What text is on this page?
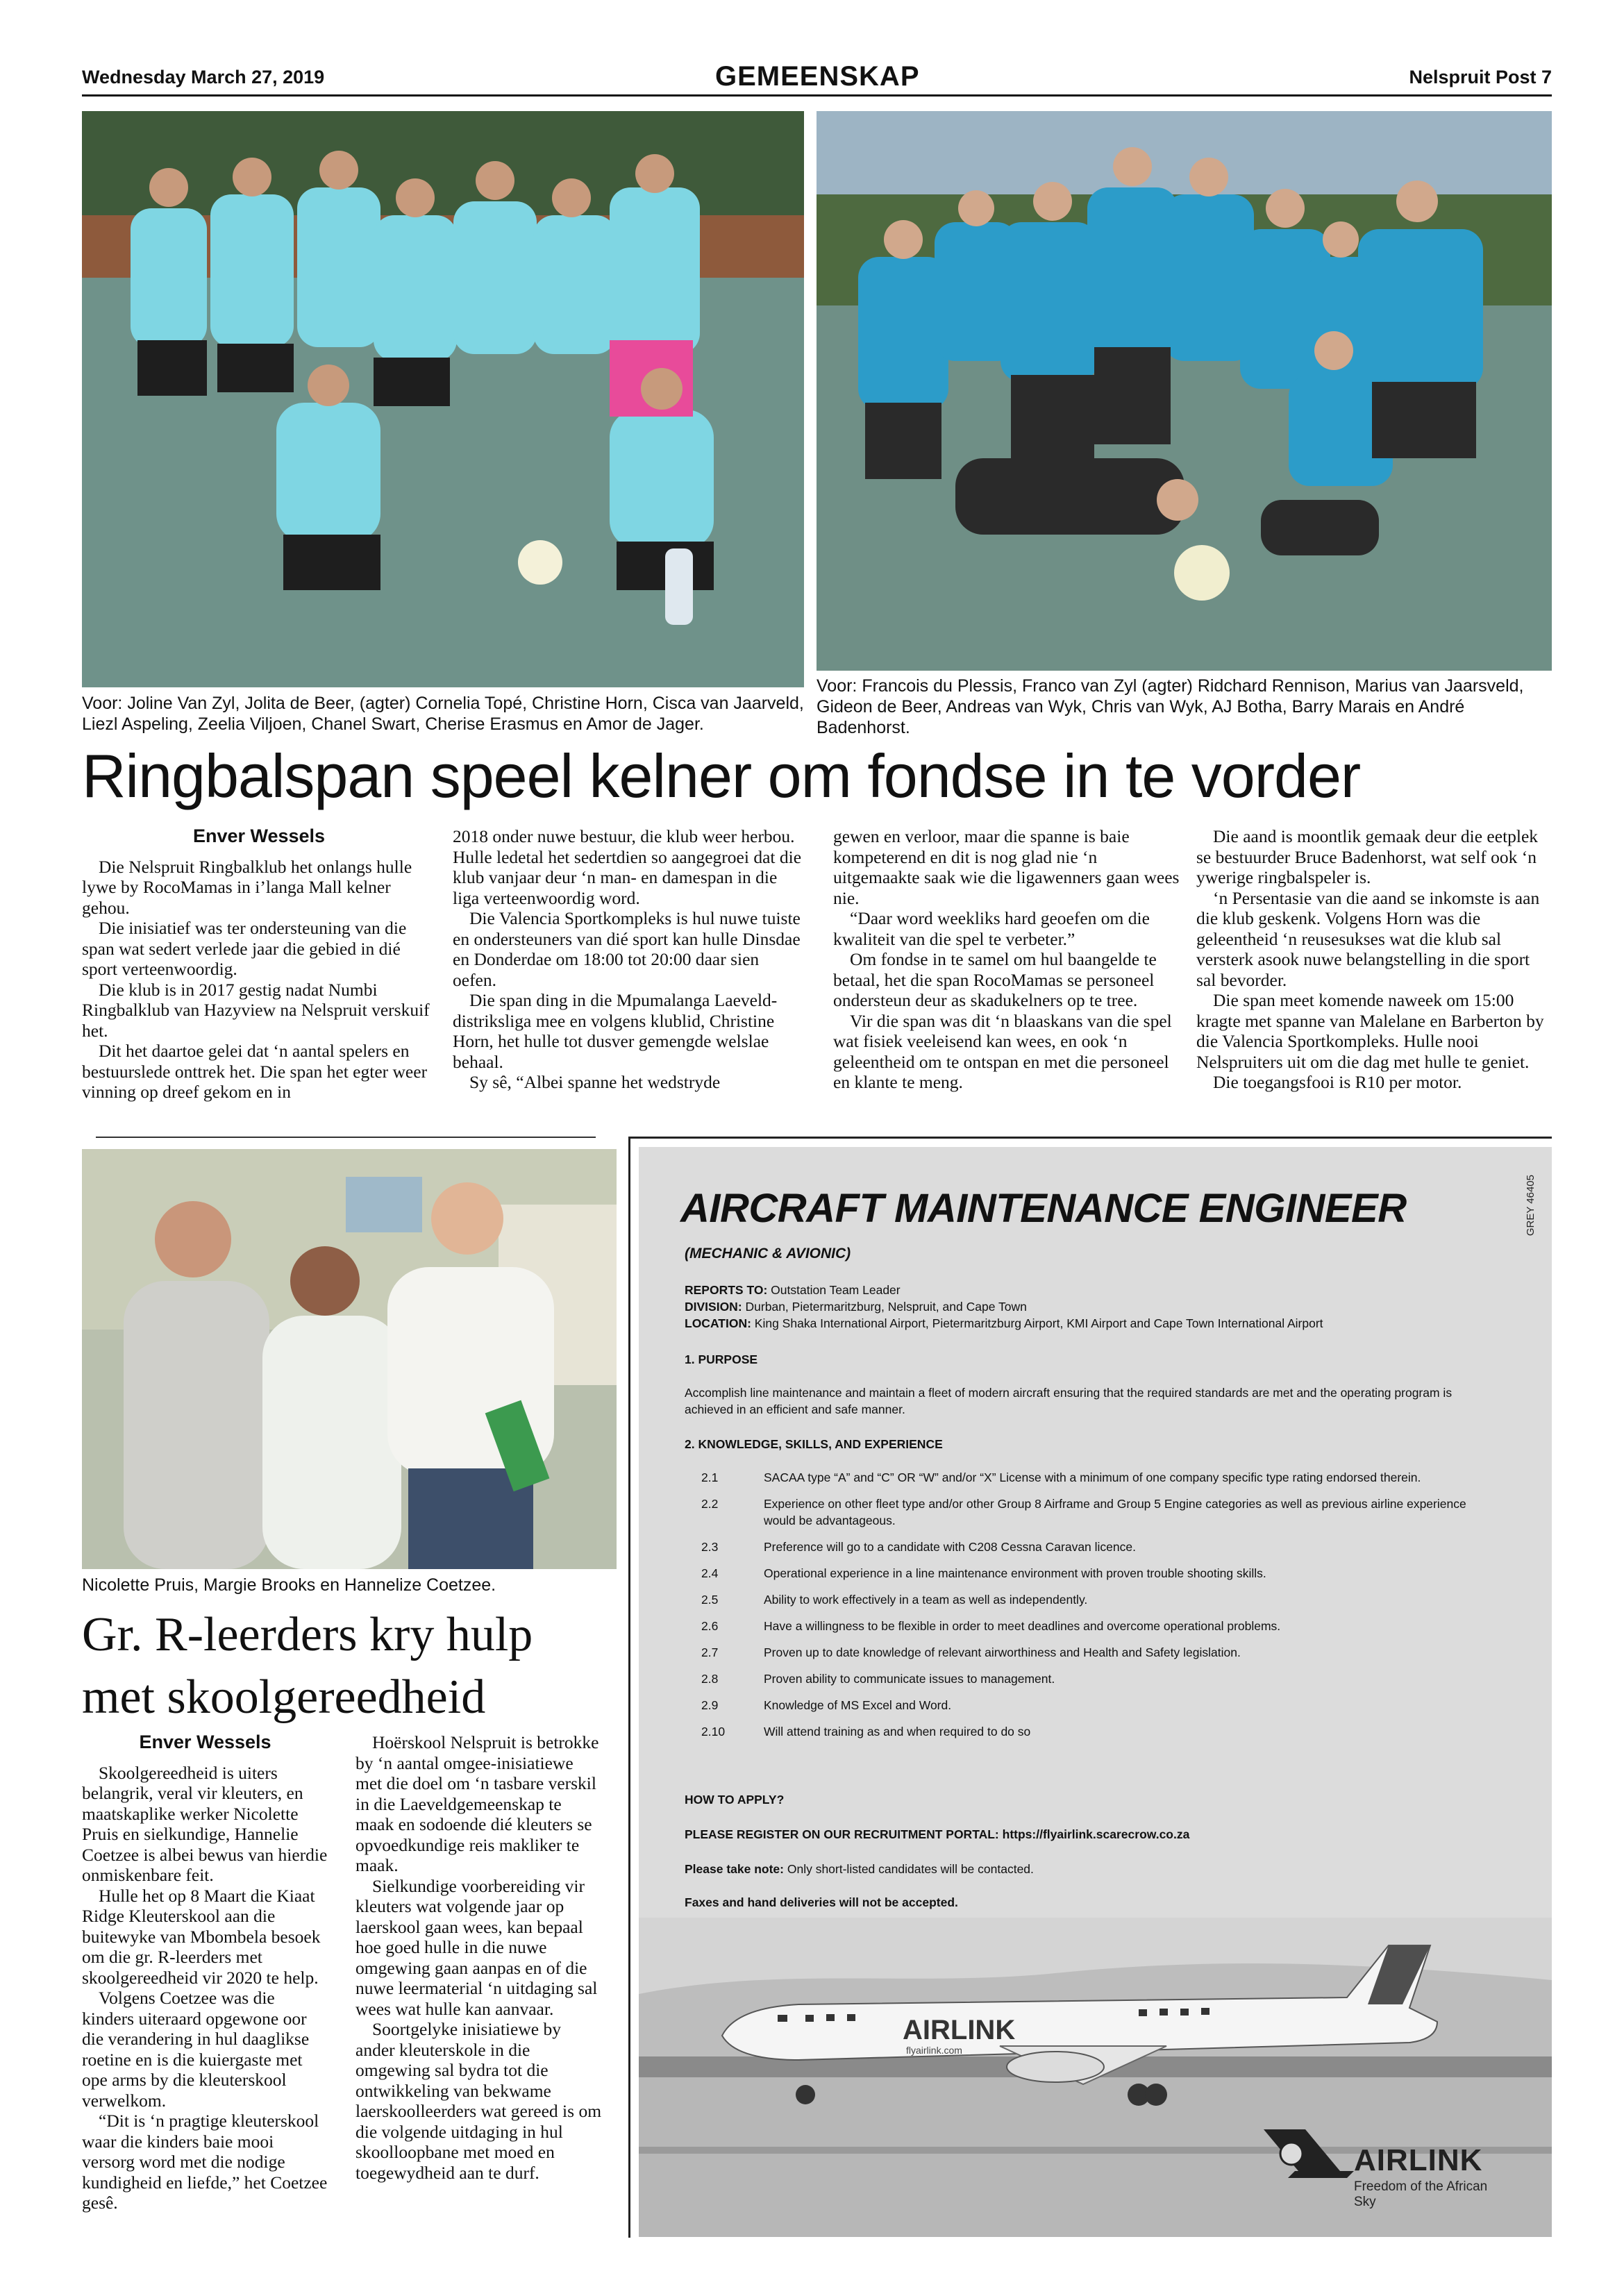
Wednesday March 27, 2019	GEMEENSKAP	Nelspruit Post 7
Voor: Joline Van Zyl, Jolita de Beer, (agter) Cornelia Topé, Christine Horn, Cisca van Jaarveld, Liezl Aspeling, Zeelia Viljoen, Chanel Swart, Cherise Erasmus en Amor de Jager.
Voor: Francois du Plessis, Franco van Zyl (agter) Ridchard Rennison, Marius van Jaarsveld, Gideon de Beer, Andreas van Wyk, Chris van Wyk, AJ Botha, Barry Marais en André Badenhorst.
Ringbalspan speel kelner om fondse in te vorder
Enver Wessels

Die Nelspruit Ringbalklub het onlangs hulle lywe by RocoMamas in i’langa Mall kelner gehou.

Die inisiatief was ter ondersteuning van die span wat sedert verlede jaar die gebied in dié sport verteenwoordig.

Die klub is in 2017 gestig nadat Numbi Ringbalklub van Hazyview na Nelspruit verskuif het.

Dit het daartoe gelei dat ‘n aantal spelers en bestuurslede onttrek het. Die span het egter weer vinning op dreef gekom en in

2018 onder nuwe bestuur, die klub weer herbou. Hulle ledetal het sedertdien so aangegroei dat die klub vanjaar deur ‘n man- en damespan in die liga verteenwoordig word.

Die Valencia Sportkompleks is hul nuwe tuiste en ondersteuners van dié sport kan hulle Dinsdae en Donderdae om 18:00 tot 20:00 daar sien oefen.

Die span ding in die Mpumalanga Laeveld-distriksliga mee en volgens klublid, Christine Horn, het hulle tot dusver gemengde welslae behaal.

Sy sê, “Albei spanne het wedstryde

gewen en verloor, maar die spanne is baie kompeterend en dit is nog glad nie ‘n uitgemaakte saak wie die ligawenners gaan wees nie.

“Daar word weekliks hard geoefen om die kwaliteit van die spel te verbeter.”

Om fondse in te samel om hul baangelde te betaal, het die span RocoMamas se personeel ondersteun deur as skadukelners op te tree.

Vir die span was dit ‘n blaaskans van die spel wat fisiek veeleisend kan wees, en ook ‘n geleentheid om te ontspan en met die personeel en klante te meng.

Die aand is moontlik gemaak deur die eetplek se bestuurder Bruce Badenhorst, wat self ook ‘n ywerige ringbalspeler is.

‘n Persentasie van die aand se inkomste is aan die klub geskenk. Volgens Horn was die geleentheid ‘n reusesukses wat die klub sal versterk asook nuwe belangstelling in die sport sal bevorder.

Die span meet komende naweek om 15:00 kragte met spanne van Malelane en Barberton by die Valencia Sportkompleks. Hulle nooi Nelspruiters uit om die dag met hulle te geniet.

Die toegangsfooi is R10 per motor.

Nicolette Pruis, Margie Brooks en Hannelize Coetzee.
Gr. R-leerders kry hulp met skoolgereedheid
Enver Wessels

Skoolgereedheid is uiters belangrik, veral vir kleuters, en maatskaplike werker Nicolette Pruis en sielkundige, Hannelie Coetzee is albei bewus van hierdie onmiskenbare feit.

Hulle het op 8 Maart die Kiaat Ridge Kleuterskool aan die buitewyke van Mbombela besoek om die gr. R-leerders met skoolgereedheid vir 2020 te help.

Volgens Coetzee was die kinders uiteraard opgewone oor die verandering in hul daaglikse roetine en is die kuiergaste met ope arms by die kleuterskool verwelkom.

“Dit is ‘n pragtige kleuterskool waar die kinders baie mooi versorg word met die nodige kundigheid en liefde,” het Coetzee gesê.

Hoërskool Nelspruit is betrokke by ‘n aantal omgee-inisiatiewe met die doel om ‘n tasbare verskil in die Laeveldgemeenskap te maak en sodoende dié kleuters se opvoedkundige reis makliker te maak.

Sielkundige voorbereiding vir kleuters wat volgende jaar op laerskool gaan wees, kan bepaal hoe goed hulle in die nuwe omgewing gaan aanpas en of die nuwe leermaterial ‘n uitdaging sal wees wat hulle kan aanvaar.

Soortgelyke inisiatiewe by ander kleuterskole in die omgewing sal bydra tot die ontwikkeling van bekwame laerskoolleerders wat gereed is om die volgende uitdaging in hul skoolloopbane met moed en toegewydheid aan te durf.

AIRCRAFT MAINTENANCE ENGINEER	GREY 46405
(MECHANIC & AVIONIC)
REPORTS TO: Outstation Team Leader
DIVISION: Durban, Pietermaritzburg, Nelspruit, and Cape Town
LOCATION: King Shaka International Airport, Pietermaritzburg Airport, KMI Airport and Cape Town International Airport
1. PURPOSE
Accomplish line maintenance and maintain a fleet of modern aircraft ensuring that the required standards are met and the operating program is achieved in an efficient and safe manner.
2. KNOWLEDGE, SKILLS, AND EXPERIENCE
2.1	SACAA type “A” and “C” OR “W” and/or “X” License with a minimum of one company specific type rating endorsed therein.
2.2	Experience on other fleet type and/or other Group 8 Airframe and Group 5 Engine categories as well as previous airline experience would be advantageous.
2.3	Preference will go to a candidate with C208 Cessna Caravan licence.
2.4	Operational experience in a line maintenance environment with proven trouble shooting skills.
2.5	Ability to work effectively in a team as well as independently.
2.6	Have a willingness to be flexible in order to meet deadlines and overcome operational problems.
2.7	Proven up to date knowledge of relevant airworthiness and Health and Safety legislation.
2.8	Proven ability to communicate issues to management.
2.9	Knowledge of MS Excel and Word.
2.10	Will attend training as and when required to do so
HOW TO APPLY?
PLEASE REGISTER ON OUR RECRUITMENT PORTAL: https://flyairlink.scarecrow.co.za
Please take note: Only short-listed candidates will be contacted.
Faxes and hand deliveries will not be accepted.
AIRLINK
flyairlink.com
AIRLINK
Freedom of the African Sky
